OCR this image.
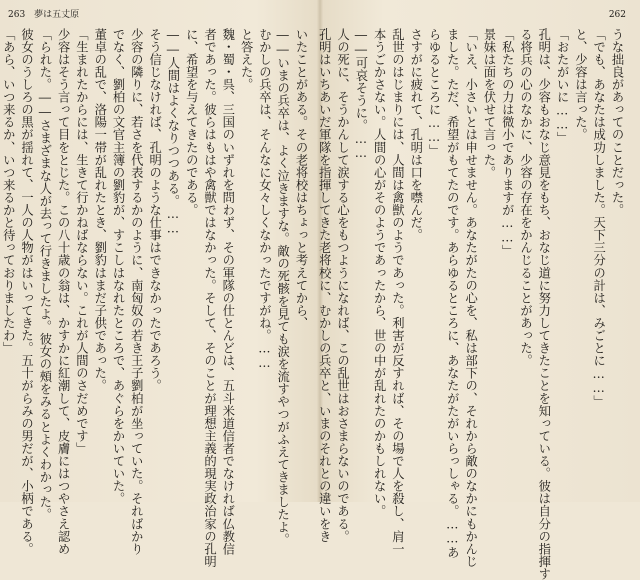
263 夢は五丈原	262
うな拙良があってのことだった。
「でも、あなたは成功しました。天下三分の計は、みごとに……」
と、少容は言った。
「おたがいに……」
孔明は、少容もおなじ意見をもち、おなじ道に努力してきたことを知っている。彼は自分の指揮す
る将兵の心のなかに、少容の存在をかんじることがあった。
「私たちの力は微小でありますが……」
景妹は面を伏せて言った。
「いえ、小さいとは申せません。あなたがたの心を、私は部下の、それから敵のなかにもかんじ
ました。ただ、希望がもてたのです。あらゆるところに、あなたがたがいらっしゃる。……あ
らゆるところに……」
さすがに疲れて、孔明は口を噤んだ。
乱世のはじまりには、人間は禽獣のようであった。利害が反すれば、その場で人を殺し、肩一
本うごかさない。人間の心がそのようであったから、世の中が乱れたのかもしれない。
――可哀そうに。……
人の死に、そうかんして涙する心をもつようになれば、この乱世はおさまらないのである。
孔明はいちあいだ軍隊を指揮してきた老将校に、むかしの兵卒と、いまのそれとの違いをき
いたことがある。その老将校はちょっと考えてから、
――いまの兵卒は、よく泣きますな。敵の死骸を見ても涙を流すやつがふえてきましたよ。
むかしの兵卒は、そんなに女々しくなかったですがね。……
と答えた。
魏・蜀・呉、三国のいずれを問わず、その軍隊の仕とんどは、五斗米道信者でなければ仏教信
者であった。彼らはもはや禽獣ではなかった。そして、そのことが理想主義的現実政治家の孔明
に、希望を与えてきたのである。
――人間はよくなりつつある。……
そう信じなければ、孔明のような仕事はできなかったであろう。
少容の隣りに、若さを代表するかのように、南匈奴の若き王子劉柏が坐っていた。そればかり
でなく、劉柏の文官主簿の劉豹が、すこしはなれたところで、あぐらをかいていた。
董卓の乱で、洛陽一帯が乱れたとき、劉豹はまだ子供であった。
「生まれたからには、生きて行かねばならない。これが人間のさだめです」
少容はそう言って目をとじた。この八十歳の翁は、かすかに紅潮して、皮膚にはつやさえ認め
「られた。――さまざまな人が去って行きましたよ。彼女の頰をみるとよくわかった。
彼女のうしろの黒が揺れて、一人の人物がはいってきた。五十がらみの男だが、小柄である。
「あら、いつ来るか、いつ来るかと待っておりましたわ」
